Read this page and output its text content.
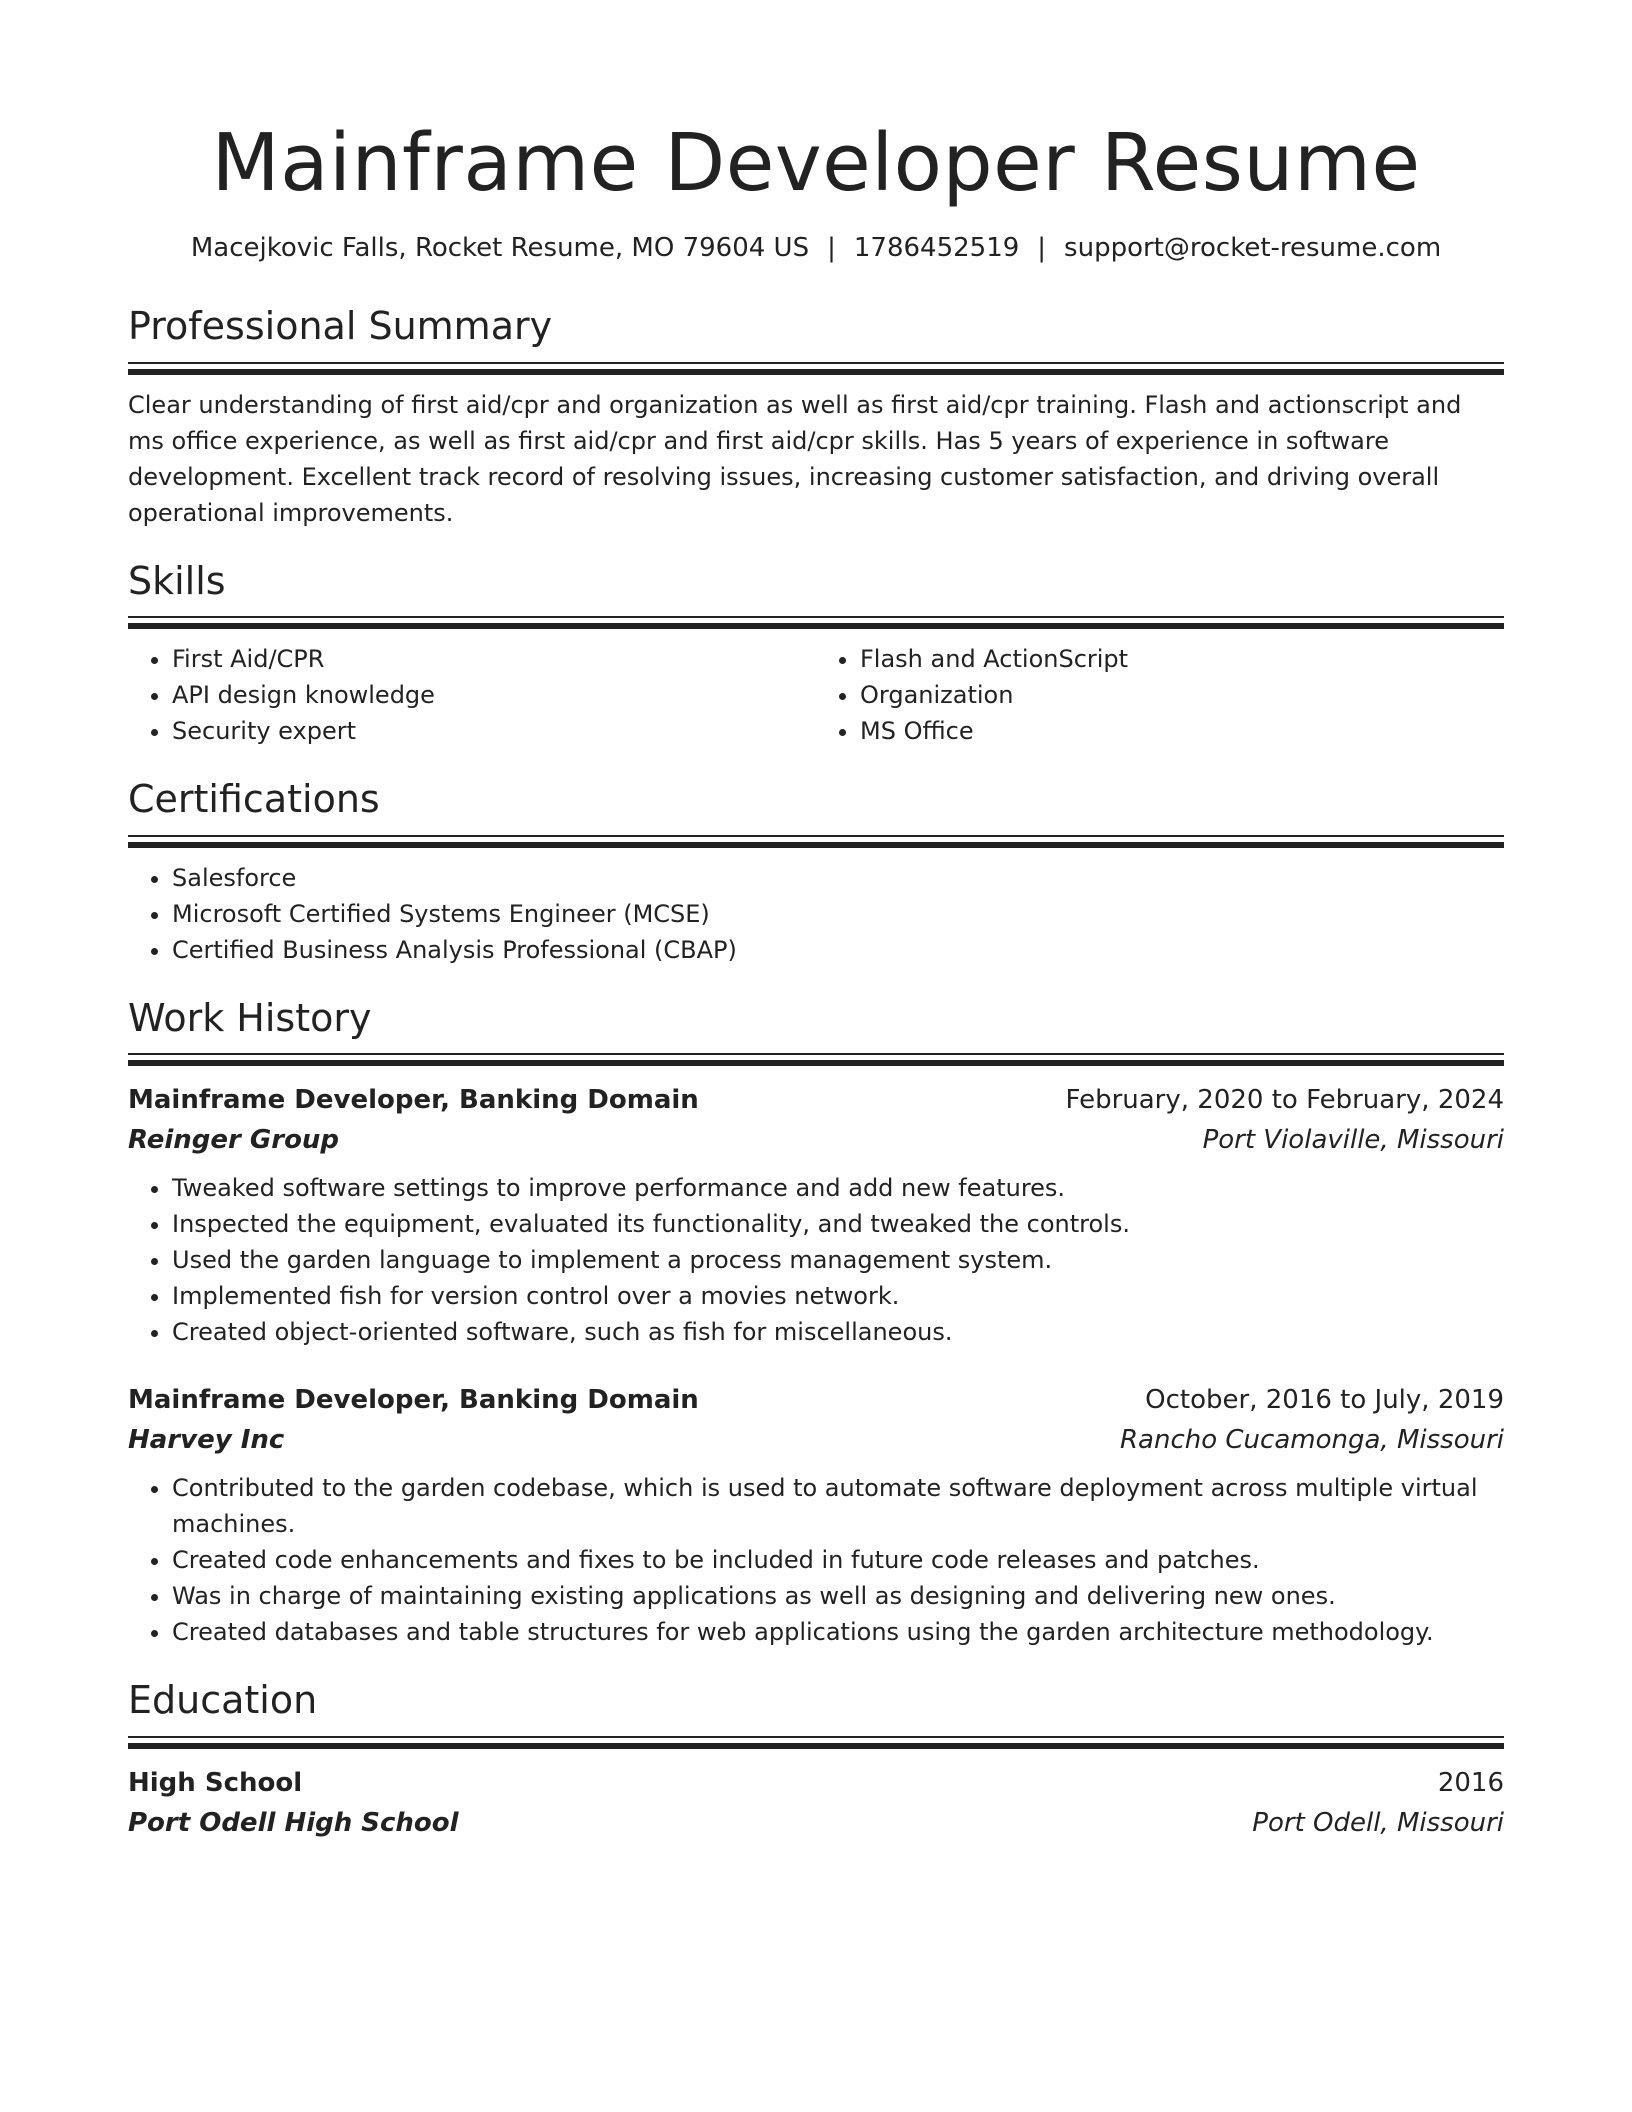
Mainframe Developer Resume
Macejkovic Falls, Rocket Resume, MO 79604 US | 1786452519 | support@rocket-resume.com
Professional Summary
Clear understanding of first aid/cpr and organization as well as first aid/cpr training. Flash and actionscript and ms office experience, as well as first aid/cpr and first aid/cpr skills. Has 5 years of experience in software development. Excellent track record of resolving issues, increasing customer satisfaction, and driving overall operational improvements.
Skills
• First Aid/CPR
• API design knowledge
• Security expert
• Flash and ActionScript
• Organization
• MS Office
Certifications
• Salesforce
• Microsoft Certified Systems Engineer (MCSE)
• Certified Business Analysis Professional (CBAP)
Work History
Mainframe Developer, Banking Domain	February, 2020 to February, 2024
Reinger Group	Port Violaville, Missouri
• Tweaked software settings to improve performance and add new features.
• Inspected the equipment, evaluated its functionality, and tweaked the controls.
• Used the garden language to implement a process management system.
• Implemented fish for version control over a movies network.
• Created object-oriented software, such as fish for miscellaneous.
Mainframe Developer, Banking Domain	October, 2016 to July, 2019
Harvey Inc	Rancho Cucamonga, Missouri
• Contributed to the garden codebase, which is used to automate software deployment across multiple virtual machines.
• Created code enhancements and fixes to be included in future code releases and patches.
• Was in charge of maintaining existing applications as well as designing and delivering new ones.
• Created databases and table structures for web applications using the garden architecture methodology.
Education
High School	2016
Port Odell High School	Port Odell, Missouri
